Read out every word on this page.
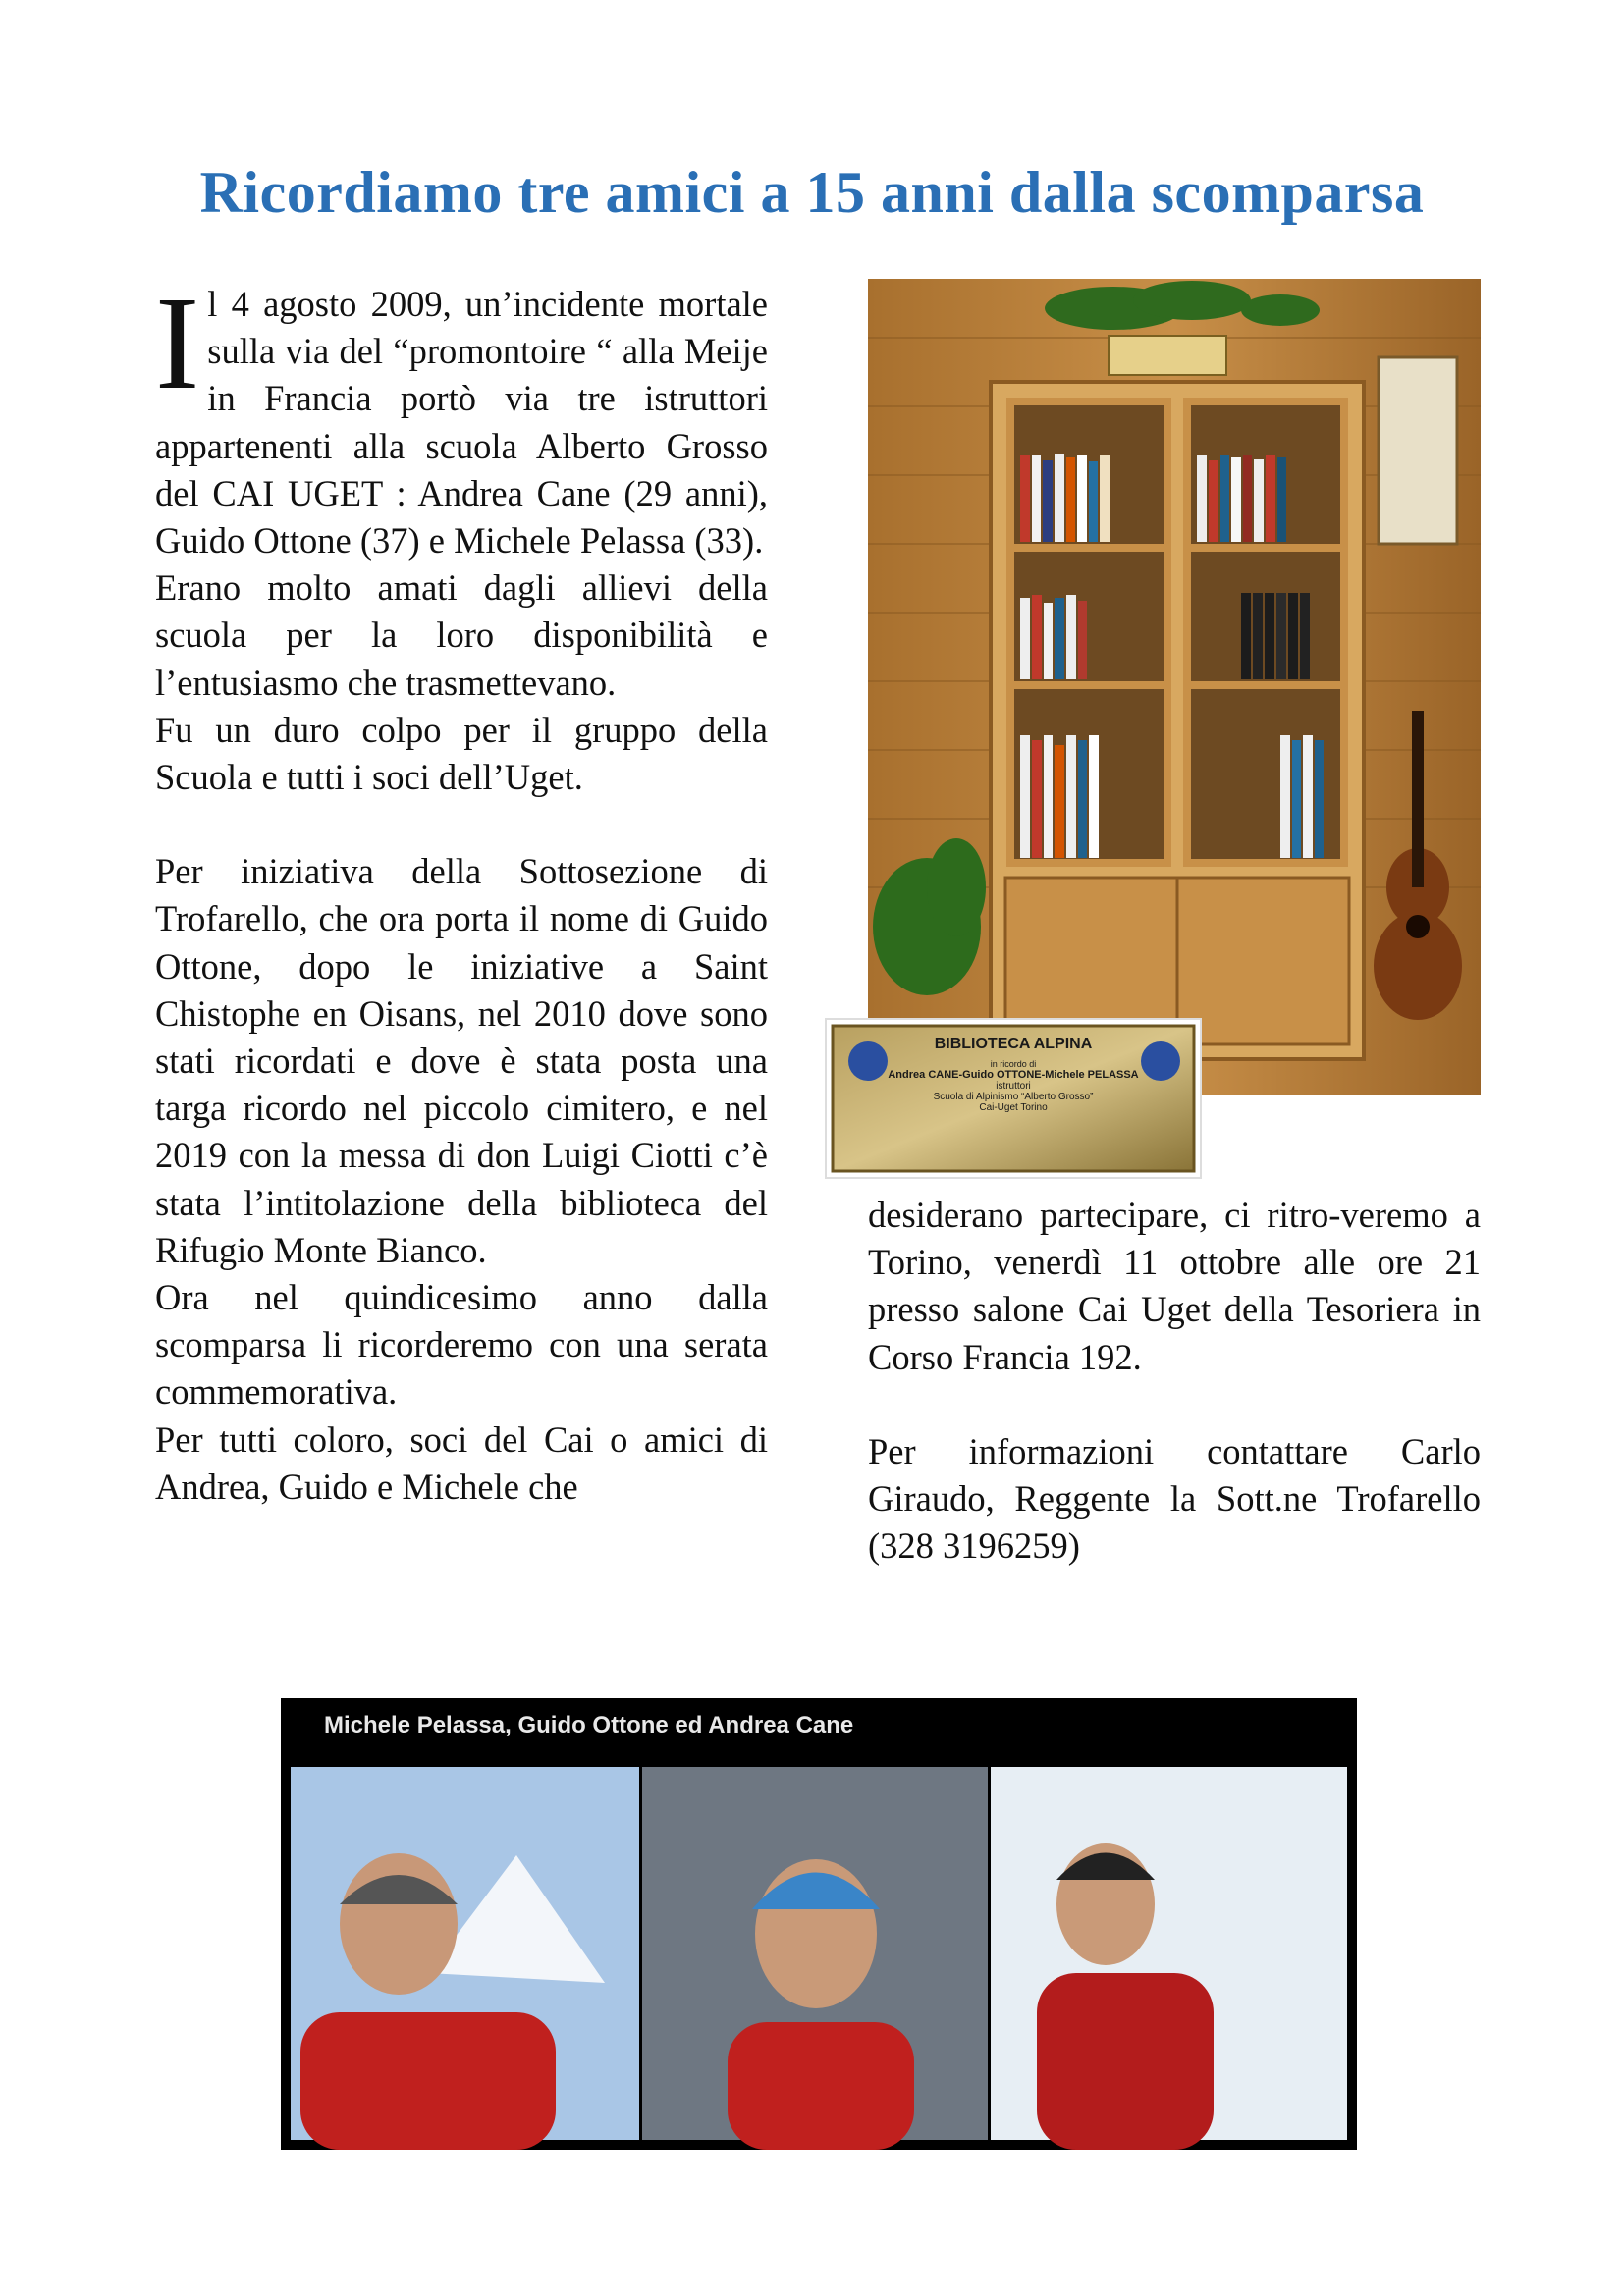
Ricordiamo tre amici a 15 anni dalla scomparsa

Il 4 agosto 2009, un’incidente mortale sulla via del “promontoire “ alla Meije in Francia portò via tre istruttori appartenenti alla scuola Alberto Grosso del CAI UGET : Andrea Cane (29 anni), Guido Ottone (37) e Michele Pelassa (33).

Erano molto amati dagli allievi della scuola per la loro disponibilità e l’entusiasmo che trasmettevano.

Fu un duro colpo per il gruppo della Scuola e tutti i soci dell’Uget.

Per iniziativa della Sottosezione di Trofarello, che ora porta il nome di Guido Ottone, dopo le iniziative a Saint Chistophe en Oisans, nel 2010 dove sono stati ricordati e dove è stata posta una targa ricordo nel piccolo cimitero, e nel 2019 con la messa di don Luigi Ciotti c’è stata l’intitolazione della biblioteca del Rifugio Monte Bianco.

Ora nel quindicesimo anno dalla scomparsa li ricorderemo con una serata commemorativa.

Per tutti coloro, soci del Cai o amici di Andrea, Guido e Michele che

desiderano partecipare, ci ritro-veremo a Torino, venerdì 11 ottobre alle ore 21 presso salone Cai Uget della Tesoriera in Corso Francia 192.

Per informazioni contattare Carlo Giraudo, Reggente la Sott.ne Trofarello (328 3196259)

BIBLIOTECA ALPINA
in ricordo di
Andrea CANE-Guido OTTONE-Michele PELASSA
istruttori
Scuola di Alpinismo “Alberto Grosso”
Cai-Uget Torino
Michele Pelassa, Guido Ottone ed Andrea Cane
